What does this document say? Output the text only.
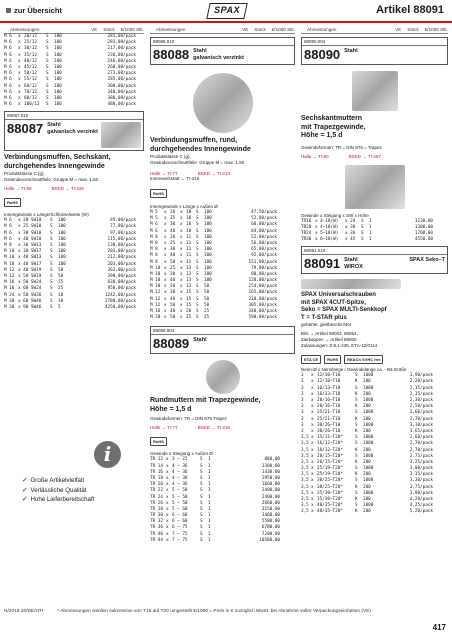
zur Übersicht	SPAX	Artikel 88091
Abmessungen	VE Stück €/1000 Stk.
M 6	x 20/12	S	100	281,00/pack
M 6	x 25/12	S	100	283,00/pack
M 6	x 30/12	S	100	217,00/pack
M 6	x 35/12	S	100	236,00/pack
M 6	x 40/12	S	100	246,00/pack
M 6	x 45/12	S	100	260,00/pack
M 6	x 50/12	S	100	273,00/pack
M 6	x 55/12	S	100	285,00/pack
M 6	x 60/12	S	100	300,00/pack
M 6	x 70/12	S	100	340,00/pack
M 6	x 80/12	S	100	380,00/pack
M 6	x 100/12	S	100	480,00/pack
88087.010
88087 Stahl
galvanisch verzinkt
Verbindungsmuffen, Sechskant,
durchgehendes Innengewinde
Produktklasse C (g),
Gewindevorschnuttfeile: Gruppe M = max. 1,50
Halle → TI-66	BSKD → TI-226
RoHS
Innengewinde x Länge/Schlüsselweite (W)
M 6	x 20 SW10	S	100	85,00/pack
M 6	x 25 SW10	S	100	77,00/pack
M 6	x 30 SW10	S	100	97,00/pack
M 6	x 40 SW10	S	100	115,00/pack
M 8	x 30 SW13	S	100	138,00/pack
M 10 x 30 SW17	S	100	203,00/pack
M 10 x 40 SW13	S	100	212,00/pack
M 10 x 40 SW17	S	100	203,00/pack
M 12 x 40 SW19	S	50	362,00/pack
M 12 x 50 SW19	S	50	390,00/pack
M 16 x 50 SW24	S	25	630,00/pack
M 16 x 60 SW24	S	25	950,00/pack
M 24 x 50 SW36	S	10	1242,00/pack
M 30 x 60 SW46	S	10	2780,00/pack
M 30 x 90 SW46	S	5	4250,00/pack
i
✓ Große Artikelvielfalt
✓ Verlässliche Qualität
✓ Hohe Lieferbereitschaft
Abmessungen	VE Stück €/1000 Stk.
88088.010
88088 Stahl
galvanisch verzinkt
Verbindungsmuffen, rund,
durchgehendes Innengewinde
Produktklasse C (g),
Gewindevorschnuttfeile: Gruppe M = max. 1,50
Halle → TI-77	BSKD → TI-213
Innenwerkstatt → TI-316
RoHS
Innengewinde x Länge x Außen Ø
M 5	x 20	x 10	S	100	47,50/pack
M 5	x 25	x 10	S	100	52,00/pack
M 6	x 30	x 10	S	100	60,00/pack
M 6	x 40	x 10	S	100	84,00/pack
M 8	x 20	x 11	S	100	52,00/pack
M 8	x 25	x 11	S	100	56,00/pack
M 8	x 30	x 11	S	100	65,00/pack
M 8	x 40	x 11	S	100	92,00/pack
M 8	x 50	x 11	S	100	151,00/pack
M 10 x 25	x 13	S	100	79,00/pack
M 10 x 30	x 13	S	100	88,00/pack
M 10 x 40	x 13	S	100	120,00/pack
M 10 x 50	x 13	S	50	154,00/pack
M 12 x 30	x 15	S	50	165,00/pack
M 12 x 40	x 15	S	50	210,00/pack
M 12 x 50	x 15	S	50	305,00/pack
M 16 x 40	x 20	S	25	340,00/pack
M 20 x 50	x 25	S	25	590,00/pack
88089.004
88089 Stahl
Rundmuttern mit Trapezgewinde,
Höhe = 1,5 d
Gewindeformen: TR = DIN 975 Trapez
Halle → TI-77	BSKD → TI-218
RoHS
Gewinde x Steigung x Außen Ø
TR 12 x 3 – 22	S	1	880,00
TR 14 x 4 – 36	S	1	1380,00
TR 16 x 4 – 36	S	1	1430,00
TR 18 x 4 – 38	S	1	2950,00
TR 20 x 4 – 36	S	1	1660,00
TR 22 x 5 – 50	S	1	2400,00
TR 24 x 5 – 50	S	1	2400,00
TR 26 x 5 – 50	S	1	2660,00
TR 28 x 5 – 60	S	1	3150,00
TR 30 x 6 – 60	S	1	3460,00
TR 32 x 6 – 60	S	1	5580,00
TR 36 x 6 – 75	S	1	6780,00
TR 40 x 7 – 75	S	1	7200,00
TR 44 x 7 – 75	S	1	10500,00
Abmessungen	VE Stück €/1000 Stk.
88090.004
88090 Stahl
Sechskantmuttern
mit Trapezgewinde,
Höhe = 1,5 d
Gewindeformen: TR = DIN 975 = Trapez
Halle → TI-60	BSKD → TI-267
Gewinde x Steigung x SW x Höhe
TR16 x 4–18(W)	x 24	S	1	1230,00
TR20 x 4–18(W)	x 30	S	1	1300,00
TR24 x 5–18(W)	x 36	S	1	1700,00
TR30 x 6–18(W)	x 45	S	1	4550,00
88091.010
88091 Stahl
WIROX
SPAX Seko–T
SPAX Universalschrauben
mit SPAX 4CUT-Spitze,
Seko = SPAX MULTI-Senkkopf
T = T-STAR plus
gehärtet, gleitbeschichtet
Bits → Artikel 88063, 88054,
Zierkappen → Artikel 88000
Zulassungen: Z-9.1-235, ETA-12/0114
ETA CE	RoHS	REACh SVHC frei
Nenn-Ø x Nennlänge / Gewindelänge ca. - Bit-Größe
3	x 12/10–T10	S	1000	1,90/pack
3	x 12/10–T10	K	200	2,20/pack
3	x 16/13–T10	S	1000	2,15/pack
3	x 16/13–T10	K	200	2,35/pack
3	x 20/16–T10	S	1000	2,30/pack
3	x 20/16–T10	K	200	2,50/pack
3	x 25/21–T10	S	1000	2,60/pack
3	x 25/21–T10	K	200	2,70/pack
3	x 30/26–T10	S	1000	3,10/pack
3	x 30/26–T10	K	200	3,65/pack
3,5 x 15/11–T20*	S	1000	2,60/pack
3,5 x 16/12–T20*	S	1000	2,70/pack
3,5 x 16/12–T20*	K	200	2,70/pack
3,5 x 20/15–T20*	S	1000	2,75/pack
3,5 x 20/15–T20*	K	200	3,25/pack
3,5 x 25/19–T20*	S	1000	3,00/pack
3,5 x 25/19–T20*	K	200	3,35/pack
3,5 x 30/25–T20*	S	1000	3,30/pack
3,5 x 30/25–T20*	K	200	3,75/pack
3,5 x 35/30–T20*	S	1000	3,90/pack
3,5 x 35/30–T20*	K	200	4,20/pack
3,5 x 40/35–T20*	S	1000	4,25/pack
3,5 x 40/35–T20*	K	200	5,20/pack
N/2019.10/DE/HTI	* Abmessungen werden sukzessive von T15 auf T20 umgestellt €/1000 = Preis in € zuzüglich MwSt. bei Abnahme voller Verpackungseinheiten (VE)
417
